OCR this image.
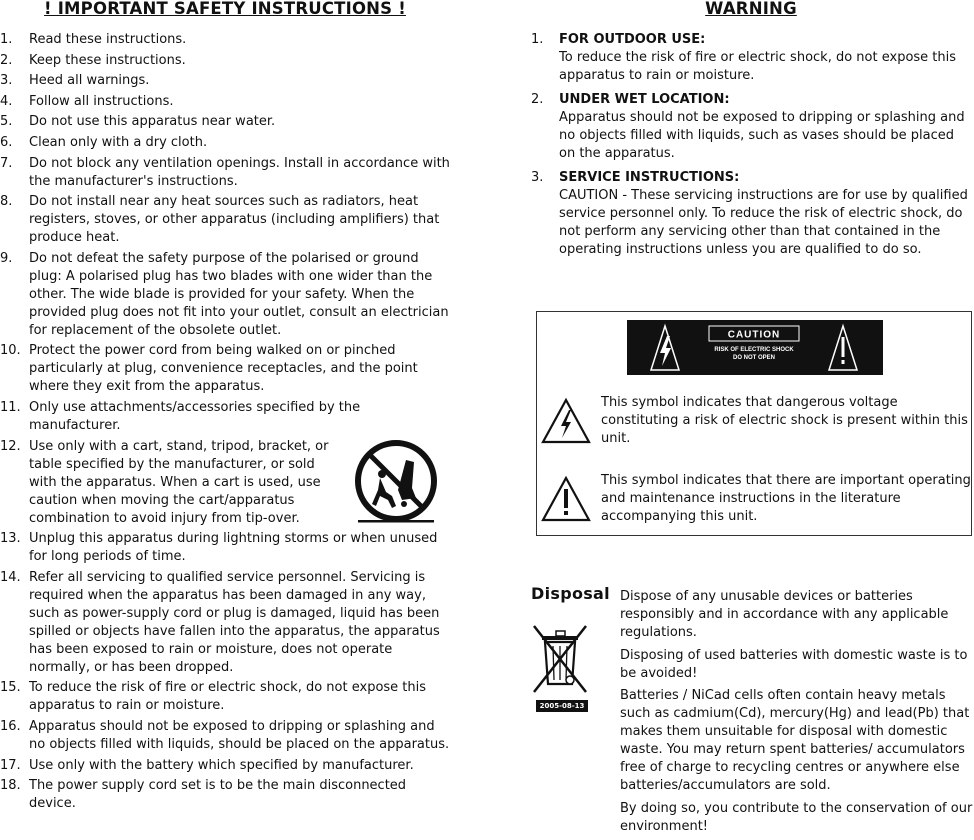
! IMPORTANT SAFETY INSTRUCTIONS !
1. Read these instructions.
2. Keep these instructions.
3. Heed all warnings.
4. Follow all instructions.
5. Do not use this apparatus near water.
6. Clean only with a dry cloth.
7. Do not block any ventilation openings. Install in accordance with the manufacturer's instructions.
8. Do not install near any heat sources such as radiators, heat registers, stoves, or other apparatus (including amplifiers) that produce heat.
9. Do not defeat the safety purpose of the polarised or ground plug: A polarised plug has two blades with one wider than the other. The wide blade is provided for your safety. When the provided plug does not fit into your outlet, consult an electrician for replacement of the obsolete outlet.
10. Protect the power cord from being walked on or pinched particularly at plug, convenience receptacles, and the point where they exit from the apparatus.
11. Only use attachments/accessories specified by the manufacturer.
12. Use only with a cart, stand, tripod, bracket, or table specified by the manufacturer, or sold with the apparatus. When a cart is used, use caution when moving the cart/apparatus combination to avoid injury from tip-over.
13. Unplug this apparatus during lightning storms or when unused for long periods of time.
14. Refer all servicing to qualified service personnel. Servicing is required when the apparatus has been damaged in any way, such as power-supply cord or plug is damaged, liquid has been spilled or objects have fallen into the apparatus, the apparatus has been exposed to rain or moisture, does not operate normally, or has been dropped.
15. To reduce the risk of fire or electric shock, do not expose this apparatus to rain or moisture.
16. Apparatus should not be exposed to dripping or splashing and no objects filled with liquids, should be placed on the apparatus.
17. Use only with the battery which specified by manufacturer.
18. The power supply cord set is to be the main disconnected device.
WARNING
1. FOR OUTDOOR USE:
To reduce the risk of fire or electric shock, do not expose this apparatus to rain or moisture.
2. UNDER WET LOCATION:
Apparatus should not be exposed to dripping or splashing and no objects filled with liquids, such as vases should be placed on the apparatus.
3. SERVICE INSTRUCTIONS:
CAUTION - These servicing instructions are for use by qualified service personnel only. To reduce the risk of electric shock, do not perform any servicing other than that contained in the operating instructions unless you are qualified to do so.
CAUTION
RISK OF ELECTRIC SHOCK
DO NOT OPEN
This symbol indicates that dangerous voltage constituting a risk of electric shock is present within this unit.
This symbol indicates that there are important operating and maintenance instructions in the literature accompanying this unit.
Disposal
2005-08-13

Dispose of any unusable devices or batteries responsibly and in accordance with any applicable regulations.

Disposing of used batteries with domestic waste is to be avoided!

Batteries / NiCad cells often contain heavy metals such as cadmium(Cd), mercury(Hg) and lead(Pb) that makes them unsuitable for disposal with domestic waste. You may return spent batteries/ accumulators free of charge to recycling centres or anywhere else batteries/accumulators are sold.

By doing so, you contribute to the conservation of our environment!
